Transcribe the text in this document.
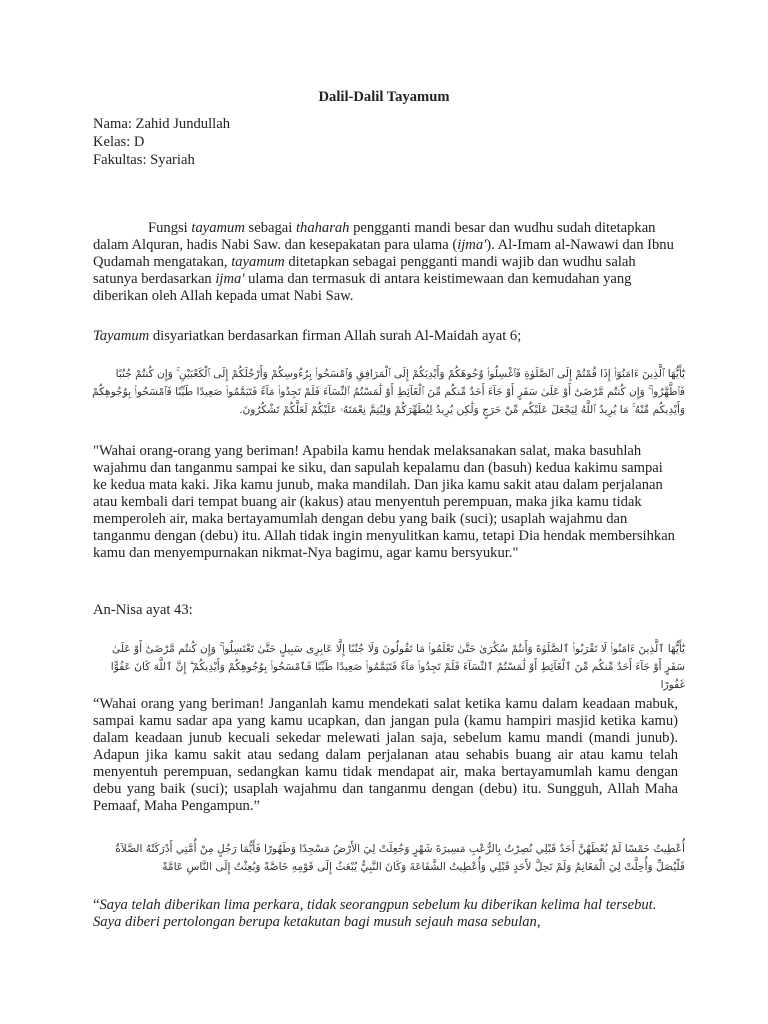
Dalil-Dalil Tayamum
Nama: Zahid Jundullah
Kelas: D
Fakultas: Syariah

Fungsi tayamum sebagai thaharah pengganti mandi besar dan wudhu sudah ditetapkan dalam Alquran, hadis Nabi Saw. dan kesepakatan para ulama (ijma'). Al-Imam al-Nawawi dan Ibnu Qudamah mengatakan, tayamum ditetapkan sebagai pengganti mandi wajib dan wudhu salah satunya berdasarkan ijma' ulama dan termasuk di antara keistimewaan dan kemudahan yang diberikan oleh Allah kepada umat Nabi Saw.

Tayamum disyariatkan berdasarkan firman Allah surah Al-Maidah ayat 6;

يَٰٓأَيُّهَا ٱلَّذِينَ ءَامَنُوٓا۟ إِذَا قُمْتُمْ إِلَى ٱلصَّلَوٰةِ فَٱغْسِلُوا۟ وُجُوهَكُمْ وَأَيْدِيَكُمْ إِلَى ٱلْمَرَافِقِ وَٱمْسَحُوا۟ بِرُءُوسِكُمْ وَأَرْجُلَكُمْ إِلَى ٱلْكَعْبَيْنِ ۚ وَإِن كُنتُمْ جُنُبًا فَٱطَّهَّرُوا۟ ۚ وَإِن كُنتُم مَّرْضَىٰٓ أَوْ عَلَىٰ سَفَرٍ أَوْ جَآءَ أَحَدٌ مِّنكُم مِّنَ ٱلْغَآئِطِ أَوْ لَٰمَسْتُمُ ٱلنِّسَآءَ فَلَمْ تَجِدُوا۟ مَآءً فَتَيَمَّمُوا۟ صَعِيدًا طَيِّبًا فَٱمْسَحُوا۟ بِوُجُوهِكُمْ وَأَيْدِيكُم مِّنْهُ ۚ مَا يُرِيدُ ٱللَّهُ لِيَجْعَلَ عَلَيْكُم مِّنْ حَرَجٍ وَلَٰكِن يُرِيدُ لِيُطَهِّرَكُمْ وَلِيُتِمَّ نِعْمَتَهُۥ عَلَيْكُمْ لَعَلَّكُمْ تَشْكُرُونَ.

"Wahai orang-orang yang beriman! Apabila kamu hendak melaksanakan salat, maka basuhlah wajahmu dan tanganmu sampai ke siku, dan sapulah kepalamu dan (basuh) kedua kakimu sampai ke kedua mata kaki. Jika kamu junub, maka mandilah. Dan jika kamu sakit atau dalam perjalanan atau kembali dari tempat buang air (kakus) atau menyentuh perempuan, maka jika kamu tidak memperoleh air, maka bertayamumlah dengan debu yang baik (suci); usaplah wajahmu dan tanganmu dengan (debu) itu. Allah tidak ingin menyulitkan kamu, tetapi Dia hendak membersihkan kamu dan menyempurnakan nikmat-Nya bagimu, agar kamu bersyukur."

An-Nisa ayat 43:

يَٰٓأَيُّهَا ٱلَّذِينَ ءَامَنُوا۟ لَا تَقْرَبُوا۟ ٱلصَّلَوٰةَ وَأَنتُمْ سُكَٰرَىٰ حَتَّىٰ تَعْلَمُوا۟ مَا تَقُولُونَ وَلَا جُنُبًا إِلَّا عَابِرِى سَبِيلٍ حَتَّىٰ تَغْتَسِلُوا۟ ۚ وَإِن كُنتُم مَّرْضَىٰٓ أَوْ عَلَىٰ سَفَرٍ أَوْ جَآءَ أَحَدٌ مِّنكُم مِّنَ ٱلْغَآئِطِ أَوْ لَٰمَسْتُمُ ٱلنِّسَآءَ فَلَمْ تَجِدُوا۟ مَآءً فَتَيَمَّمُوا۟ صَعِيدًا طَيِّبًا فَٱمْسَحُوا۟ بِوُجُوهِكُمْ وَأَيْدِيكُمْ ۗ إِنَّ ٱللَّهَ كَانَ عَفُوًّا غَفُورًا

“Wahai orang yang beriman! Janganlah kamu mendekati salat ketika kamu dalam keadaan mabuk, sampai kamu sadar apa yang kamu ucapkan, dan jangan pula (kamu hampiri masjid ketika kamu) dalam keadaan junub kecuali sekedar melewati jalan saja, sebelum kamu mandi (mandi junub). Adapun jika kamu sakit atau sedang dalam perjalanan atau sehabis buang air atau kamu telah menyentuh perempuan, sedangkan kamu tidak mendapat air, maka bertayamumlah kamu dengan debu yang baik (suci); usaplah wajahmu dan tanganmu dengan (debu) itu. Sungguh, Allah Maha Pemaaf, Maha Pengampun.”

أُعْطِيتُ خَمْسًا لَمْ يُعْطَهُنَّ أَحَدٌ قَبْلِي نُصِرْتُ بِالرُّعْبِ مَسِيرَةَ شَهْرٍ وَجُعِلَتْ لِيَ الأَرْضُ مَسْجِدًا وَطَهُورًا فَأَيُّمَا رَجُلٍ مِنْ أُمَّتِي أَدْرَكَتْهُ الصَّلاَةُ فَلْيُصَلِّ وَأُحِلَّتْ لِيَ الْمَغَانِمُ وَلَمْ تَحِلَّ لأَحَدٍ قَبْلِي وَأُعْطِيتُ الشَّفَاعَةَ وَكَانَ النَّبِيُّ يُبْعَثُ إِلَى قَوْمِهِ خَاصَّةً وَبُعِثْتُ إِلَى النَّاسِ عَامَّةً

“Saya telah diberikan lima perkara, tidak seorangpun sebelum ku diberikan kelima hal tersebut. Saya diberi pertolongan berupa ketakutan bagi musuh sejauh masa sebulan,
